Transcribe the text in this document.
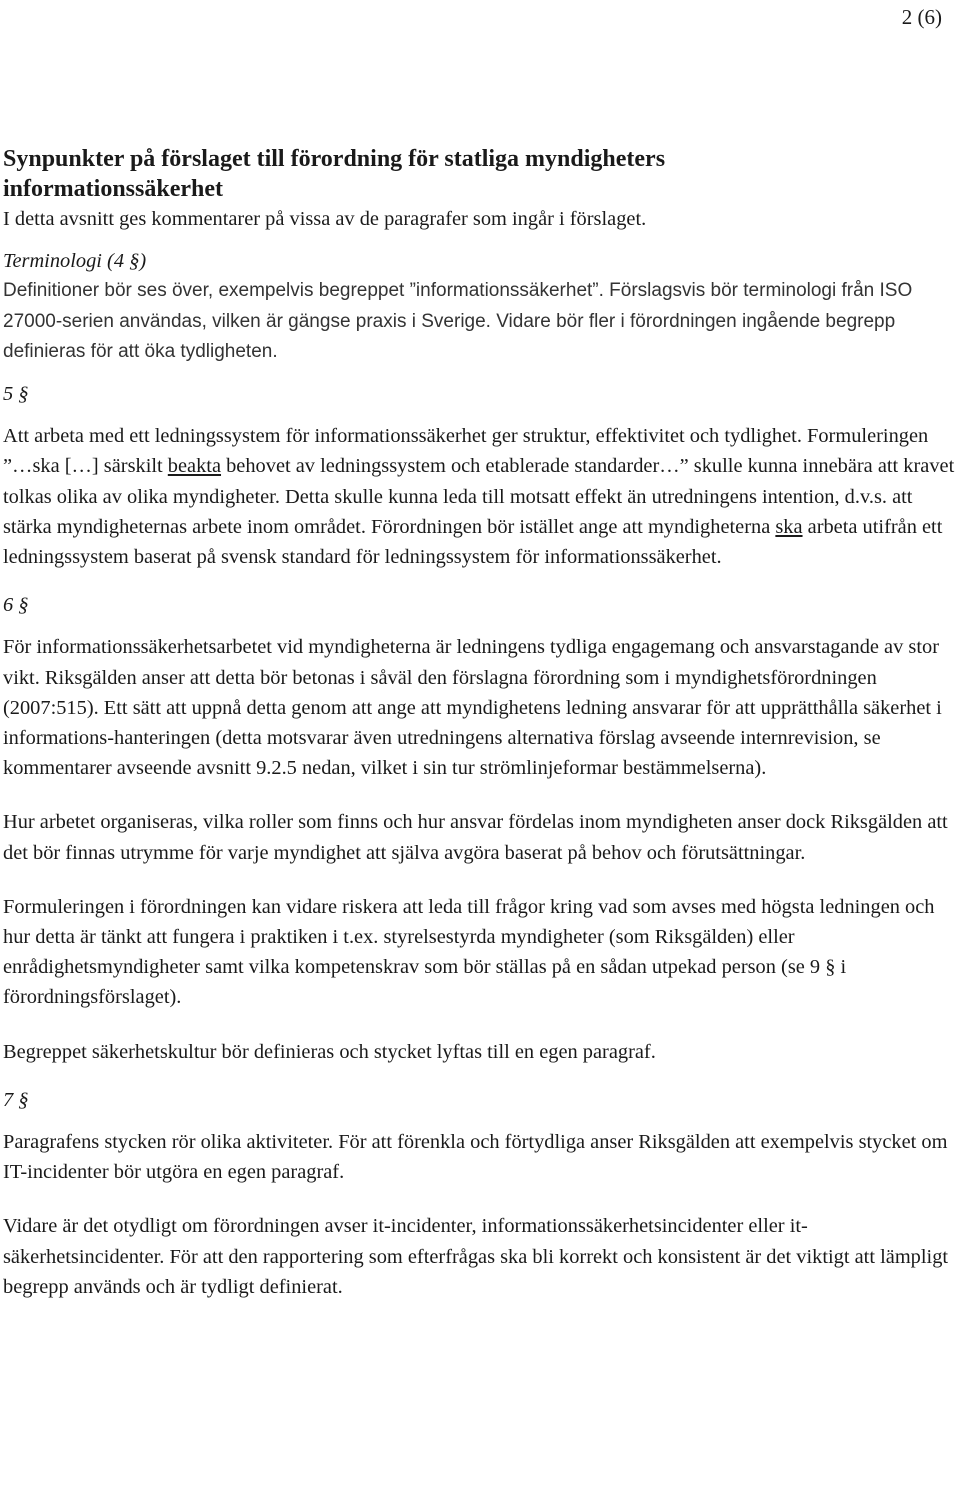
2 (6)
Synpunkter på förslaget till förordning för statliga myndigheters
informationssäkerhet

I detta avsnitt ges kommentarer på vissa av de paragrafer som ingår i förslaget.

Terminologi (4 §)

Definitioner bör ses över, exempelvis begreppet ”informationssäkerhet”. Förslagsvis bör terminologi från ISO 27000-serien användas, vilken är gängse praxis i Sverige. Vidare bör fler i förordningen ingående begrepp definieras för att öka tydligheten.

5 §

Att arbeta med ett ledningssystem för informationssäkerhet ger struktur, effektivitet och tydlighet. Formuleringen ”…ska […] särskilt beakta behovet av ledningssystem och etablerade standarder…” skulle kunna innebära att kravet tolkas olika av olika myndigheter. Detta skulle kunna leda till motsatt effekt än utredningens intention, d.v.s. att stärka myndigheternas arbete inom området. Förordningen bör istället ange att myndigheterna ska arbeta utifrån ett ledningssystem baserat på svensk standard för ledningssystem för informationssäkerhet.

6 §

För informationssäkerhetsarbetet vid myndigheterna är ledningens tydliga engagemang och ansvarstagande av stor vikt. Riksgälden anser att detta bör betonas i såväl den förslagna förordning som i myndighetsförordningen (2007:515). Ett sätt att uppnå detta genom att ange att myndighetens ledning ansvarar för att upprätthålla säkerhet i informations-hanteringen (detta motsvarar även utredningens alternativa förslag avseende internrevision, se kommentarer avseende avsnitt 9.2.5 nedan, vilket i sin tur strömlinjeformar bestämmelserna).

Hur arbetet organiseras, vilka roller som finns och hur ansvar fördelas inom myndigheten anser dock Riksgälden att det bör finnas utrymme för varje myndighet att själva avgöra baserat på behov och förutsättningar.

Formuleringen i förordningen kan vidare riskera att leda till frågor kring vad som avses med högsta ledningen och hur detta är tänkt att fungera i praktiken i t.ex. styrelsestyrda myndigheter (som Riksgälden) eller enrådighetsmyndigheter samt vilka kompetenskrav som bör ställas på en sådan utpekad person (se 9 § i förordningsförslaget).

Begreppet säkerhetskultur bör definieras och stycket lyftas till en egen paragraf.

7 §

Paragrafens stycken rör olika aktiviteter. För att förenkla och förtydliga anser Riksgälden att exempelvis stycket om IT-incidenter bör utgöra en egen paragraf.

Vidare är det otydligt om förordningen avser it-incidenter, informationssäkerhetsincidenter eller it-säkerhetsincidenter. För att den rapportering som efterfrågas ska bli korrekt och konsistent är det viktigt att lämpligt begrepp används och är tydligt definierat.
